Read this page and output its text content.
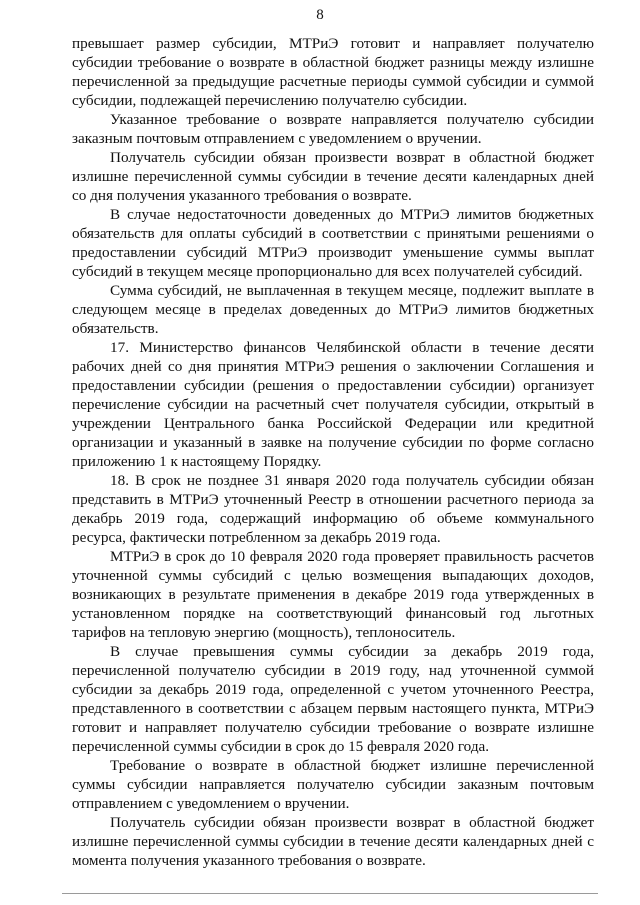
8

превышает размер субсидии, МТРиЭ готовит и направляет получателю субсидии требование о возврате в областной бюджет разницы между излишне перечисленной за предыдущие расчетные периоды суммой субсидии и суммой субсидии, подлежащей перечислению получателю субсидии.

Указанное требование о возврате направляется получателю субсидии заказным почтовым отправлением с уведомлением о вручении.

Получатель субсидии обязан произвести возврат в областной бюджет излишне перечисленной суммы субсидии в течение десяти календарных дней со дня получения указанного требования о возврате.

В случае недостаточности доведенных до МТРиЭ лимитов бюджетных обязательств для оплаты субсидий в соответствии с принятыми решениями о предоставлении субсидий МТРиЭ производит уменьшение суммы выплат субсидий в текущем месяце пропорционально для всех получателей субсидий.

Сумма субсидий, не выплаченная в текущем месяце, подлежит выплате в следующем месяце в пределах доведенных до МТРиЭ лимитов бюджетных обязательств.

17. Министерство финансов Челябинской области в течение десяти рабочих дней со дня принятия МТРиЭ решения о заключении Соглашения и предоставлении субсидии (решения о предоставлении субсидии) организует перечисление субсидии на расчетный счет получателя субсидии, открытый в учреждении Центрального банка Российской Федерации или кредитной организации и указанный в заявке на получение субсидии по форме согласно приложению 1 к настоящему Порядку.

18. В срок не позднее 31 января 2020 года получатель субсидии обязан представить в МТРиЭ уточненный Реестр в отношении расчетного периода за декабрь 2019 года, содержащий информацию об объеме коммунального ресурса, фактически потребленном за декабрь 2019 года.

МТРиЭ в срок до 10 февраля 2020 года проверяет правильность расчетов уточненной суммы субсидий с целью возмещения выпадающих доходов, возникающих в результате применения в декабре 2019 года утвержденных в установленном порядке на соответствующий финансовый год льготных тарифов на тепловую энергию (мощность), теплоноситель.

В случае превышения суммы субсидии за декабрь 2019 года, перечисленной получателю субсидии в 2019 году, над уточненной суммой субсидии за декабрь 2019 года, определенной с учетом уточненного Реестра, представленного в соответствии с абзацем первым настоящего пункта, МТРиЭ готовит и направляет получателю субсидии требование о возврате излишне перечисленной суммы субсидии в срок до 15 февраля 2020 года.

Требование о возврате в областной бюджет излишне перечисленной суммы субсидии направляется получателю субсидии заказным почтовым отправлением с уведомлением о вручении.

Получатель субсидии обязан произвести возврат в областной бюджет излишне перечисленной суммы субсидии в течение десяти календарных дней с момента получения указанного требования о возврате.
